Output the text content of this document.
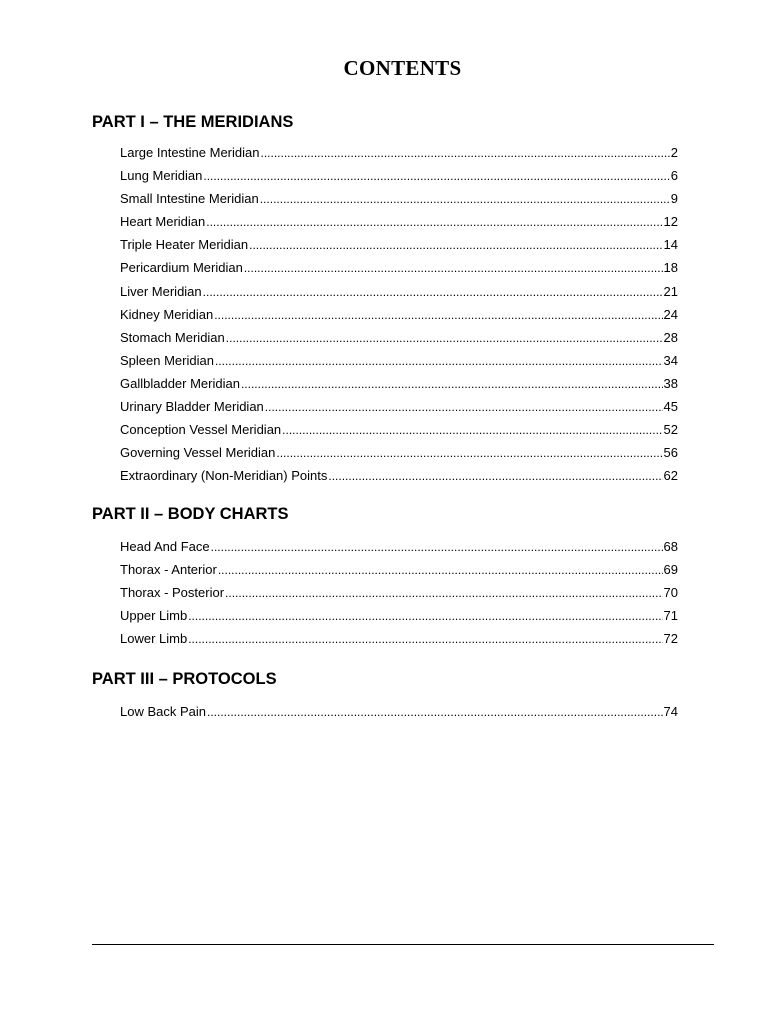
CONTENTS
PART I – THE MERIDIANS
Large Intestine Meridian .....	2
Lung Meridian .....	6
Small Intestine Meridian .....	9
Heart Meridian .....	12
Triple Heater Meridian .....	14
Pericardium Meridian .....	18
Liver Meridian .....	21
Kidney Meridian .....	24
Stomach Meridian .....	28
Spleen Meridian .....	34
Gallbladder Meridian .....	38
Urinary Bladder Meridian .....	45
Conception Vessel Meridian .....	52
Governing Vessel Meridian .....	56
Extraordinary (Non-Meridian) Points .....	62
PART II – BODY CHARTS
Head And Face .....	68
Thorax - Anterior .....	69
Thorax - Posterior .....	70
Upper Limb .....	71
Lower Limb .....	72
PART III – PROTOCOLS
Low Back Pain .....	74
